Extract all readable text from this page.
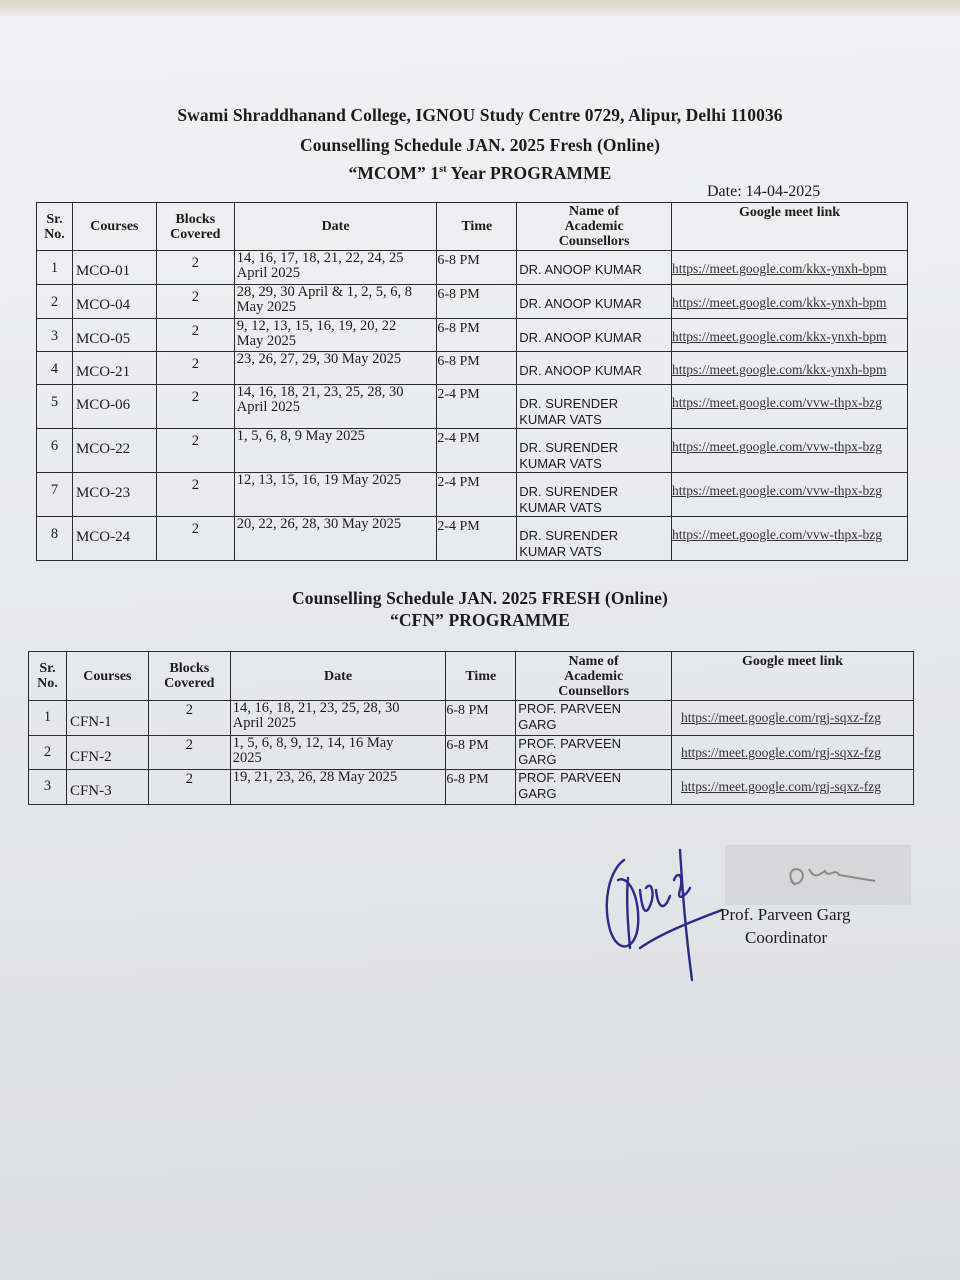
Swami Shraddhanand College, IGNOU Study Centre 0729, Alipur, Delhi 110036
Counselling Schedule JAN. 2025 Fresh (Online)
“MCOM” 1st Year PROGRAMME
Date: 14-04-2025
Sr.
No.	Courses	Blocks
Covered	Date	Time	Name of
Academic
Counsellors	Google meet link
1	MCO-01	2	14, 16, 17, 18, 21, 22, 24, 25
April 2025	6-8 PM	DR. ANOOP KUMAR	https://meet.google.com/kkx-ynxh-bpm
2	MCO-04	2	28, 29, 30 April & 1, 2, 5, 6, 8
May 2025	6-8 PM	DR. ANOOP KUMAR	https://meet.google.com/kkx-ynxh-bpm
3	MCO-05	2	9, 12, 13, 15, 16, 19, 20, 22
May 2025	6-8 PM	DR. ANOOP KUMAR	https://meet.google.com/kkx-ynxh-bpm
4	MCO-21	2	23, 26, 27, 29, 30 May 2025	6-8 PM	DR. ANOOP KUMAR	https://meet.google.com/kkx-ynxh-bpm
5	MCO-06	2	14, 16, 18, 21, 23, 25, 28, 30
April 2025	2-4 PM	DR. SURENDER
KUMAR VATS	https://meet.google.com/vvw-thpx-bzg
6	MCO-22	2	1, 5, 6, 8, 9 May 2025	2-4 PM	DR. SURENDER
KUMAR VATS	https://meet.google.com/vvw-thpx-bzg
7	MCO-23	2	12, 13, 15, 16, 19 May 2025	2-4 PM	DR. SURENDER
KUMAR VATS	https://meet.google.com/vvw-thpx-bzg
8	MCO-24	2	20, 22, 26, 28, 30 May 2025	2-4 PM	DR. SURENDER
KUMAR VATS	https://meet.google.com/vvw-thpx-bzg
Counselling Schedule JAN. 2025 FRESH (Online)
“CFN” PROGRAMME
Sr.
No.	Courses	Blocks
Covered	Date	Time	Name of
Academic
Counsellors	Google meet link
1	CFN-1	2	14, 16, 18, 21, 23, 25, 28, 30
April 2025	6-8 PM	PROF. PARVEEN
GARG	https://meet.google.com/rgj-sqxz-fzg
2	CFN-2	2	1, 5, 6, 8, 9, 12, 14, 16 May
2025	6-8 PM	PROF. PARVEEN
GARG	https://meet.google.com/rgj-sqxz-fzg
3	CFN-3	2	19, 21, 23, 26, 28 May 2025	6-8 PM	PROF. PARVEEN
GARG	https://meet.google.com/rgj-sqxz-fzg
Prof. Parveen Garg
Coordinator
